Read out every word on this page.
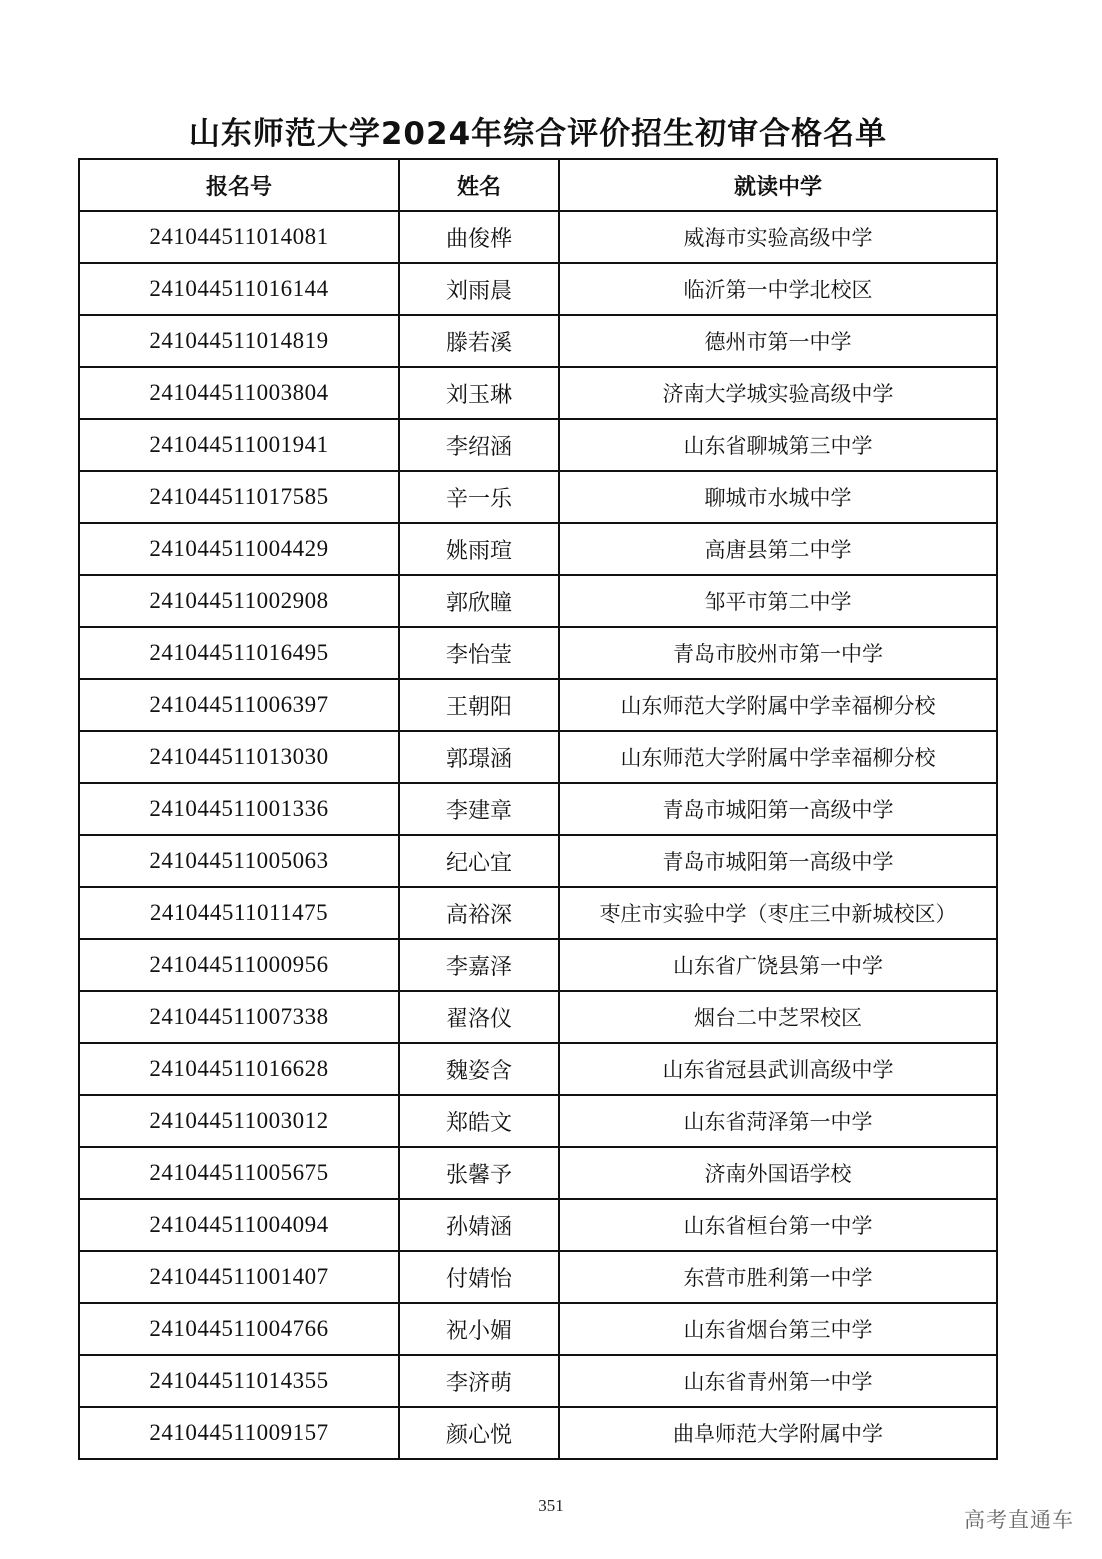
山东师范大学2024年综合评价招生初审合格名单
报名号	姓名	就读中学
241044511014081	曲俊桦	威海市实验高级中学
241044511016144	刘雨晨	临沂第一中学北校区
241044511014819	滕若溪	德州市第一中学
241044511003804	刘玉琳	济南大学城实验高级中学
241044511001941	李绍涵	山东省聊城第三中学
241044511017585	辛一乐	聊城市水城中学
241044511004429	姚雨瑄	高唐县第二中学
241044511002908	郭欣瞳	邹平市第二中学
241044511016495	李怡莹	青岛市胶州市第一中学
241044511006397	王朝阳	山东师范大学附属中学幸福柳分校
241044511013030	郭璟涵	山东师范大学附属中学幸福柳分校
241044511001336	李建章	青岛市城阳第一高级中学
241044511005063	纪心宜	青岛市城阳第一高级中学
241044511011475	高裕深	枣庄市实验中学（枣庄三中新城校区）
241044511000956	李嘉泽	山东省广饶县第一中学
241044511007338	翟洛仪	烟台二中芝罘校区
241044511016628	魏姿含	山东省冠县武训高级中学
241044511003012	郑皓文	山东省菏泽第一中学
241044511005675	张馨予	济南外国语学校
241044511004094	孙婧涵	山东省桓台第一中学
241044511001407	付婧怡	东营市胜利第一中学
241044511004766	祝小媚	山东省烟台第三中学
241044511014355	李济萌	山东省青州第一中学
241044511009157	颜心悦	曲阜师范大学附属中学
351
高考直通车
